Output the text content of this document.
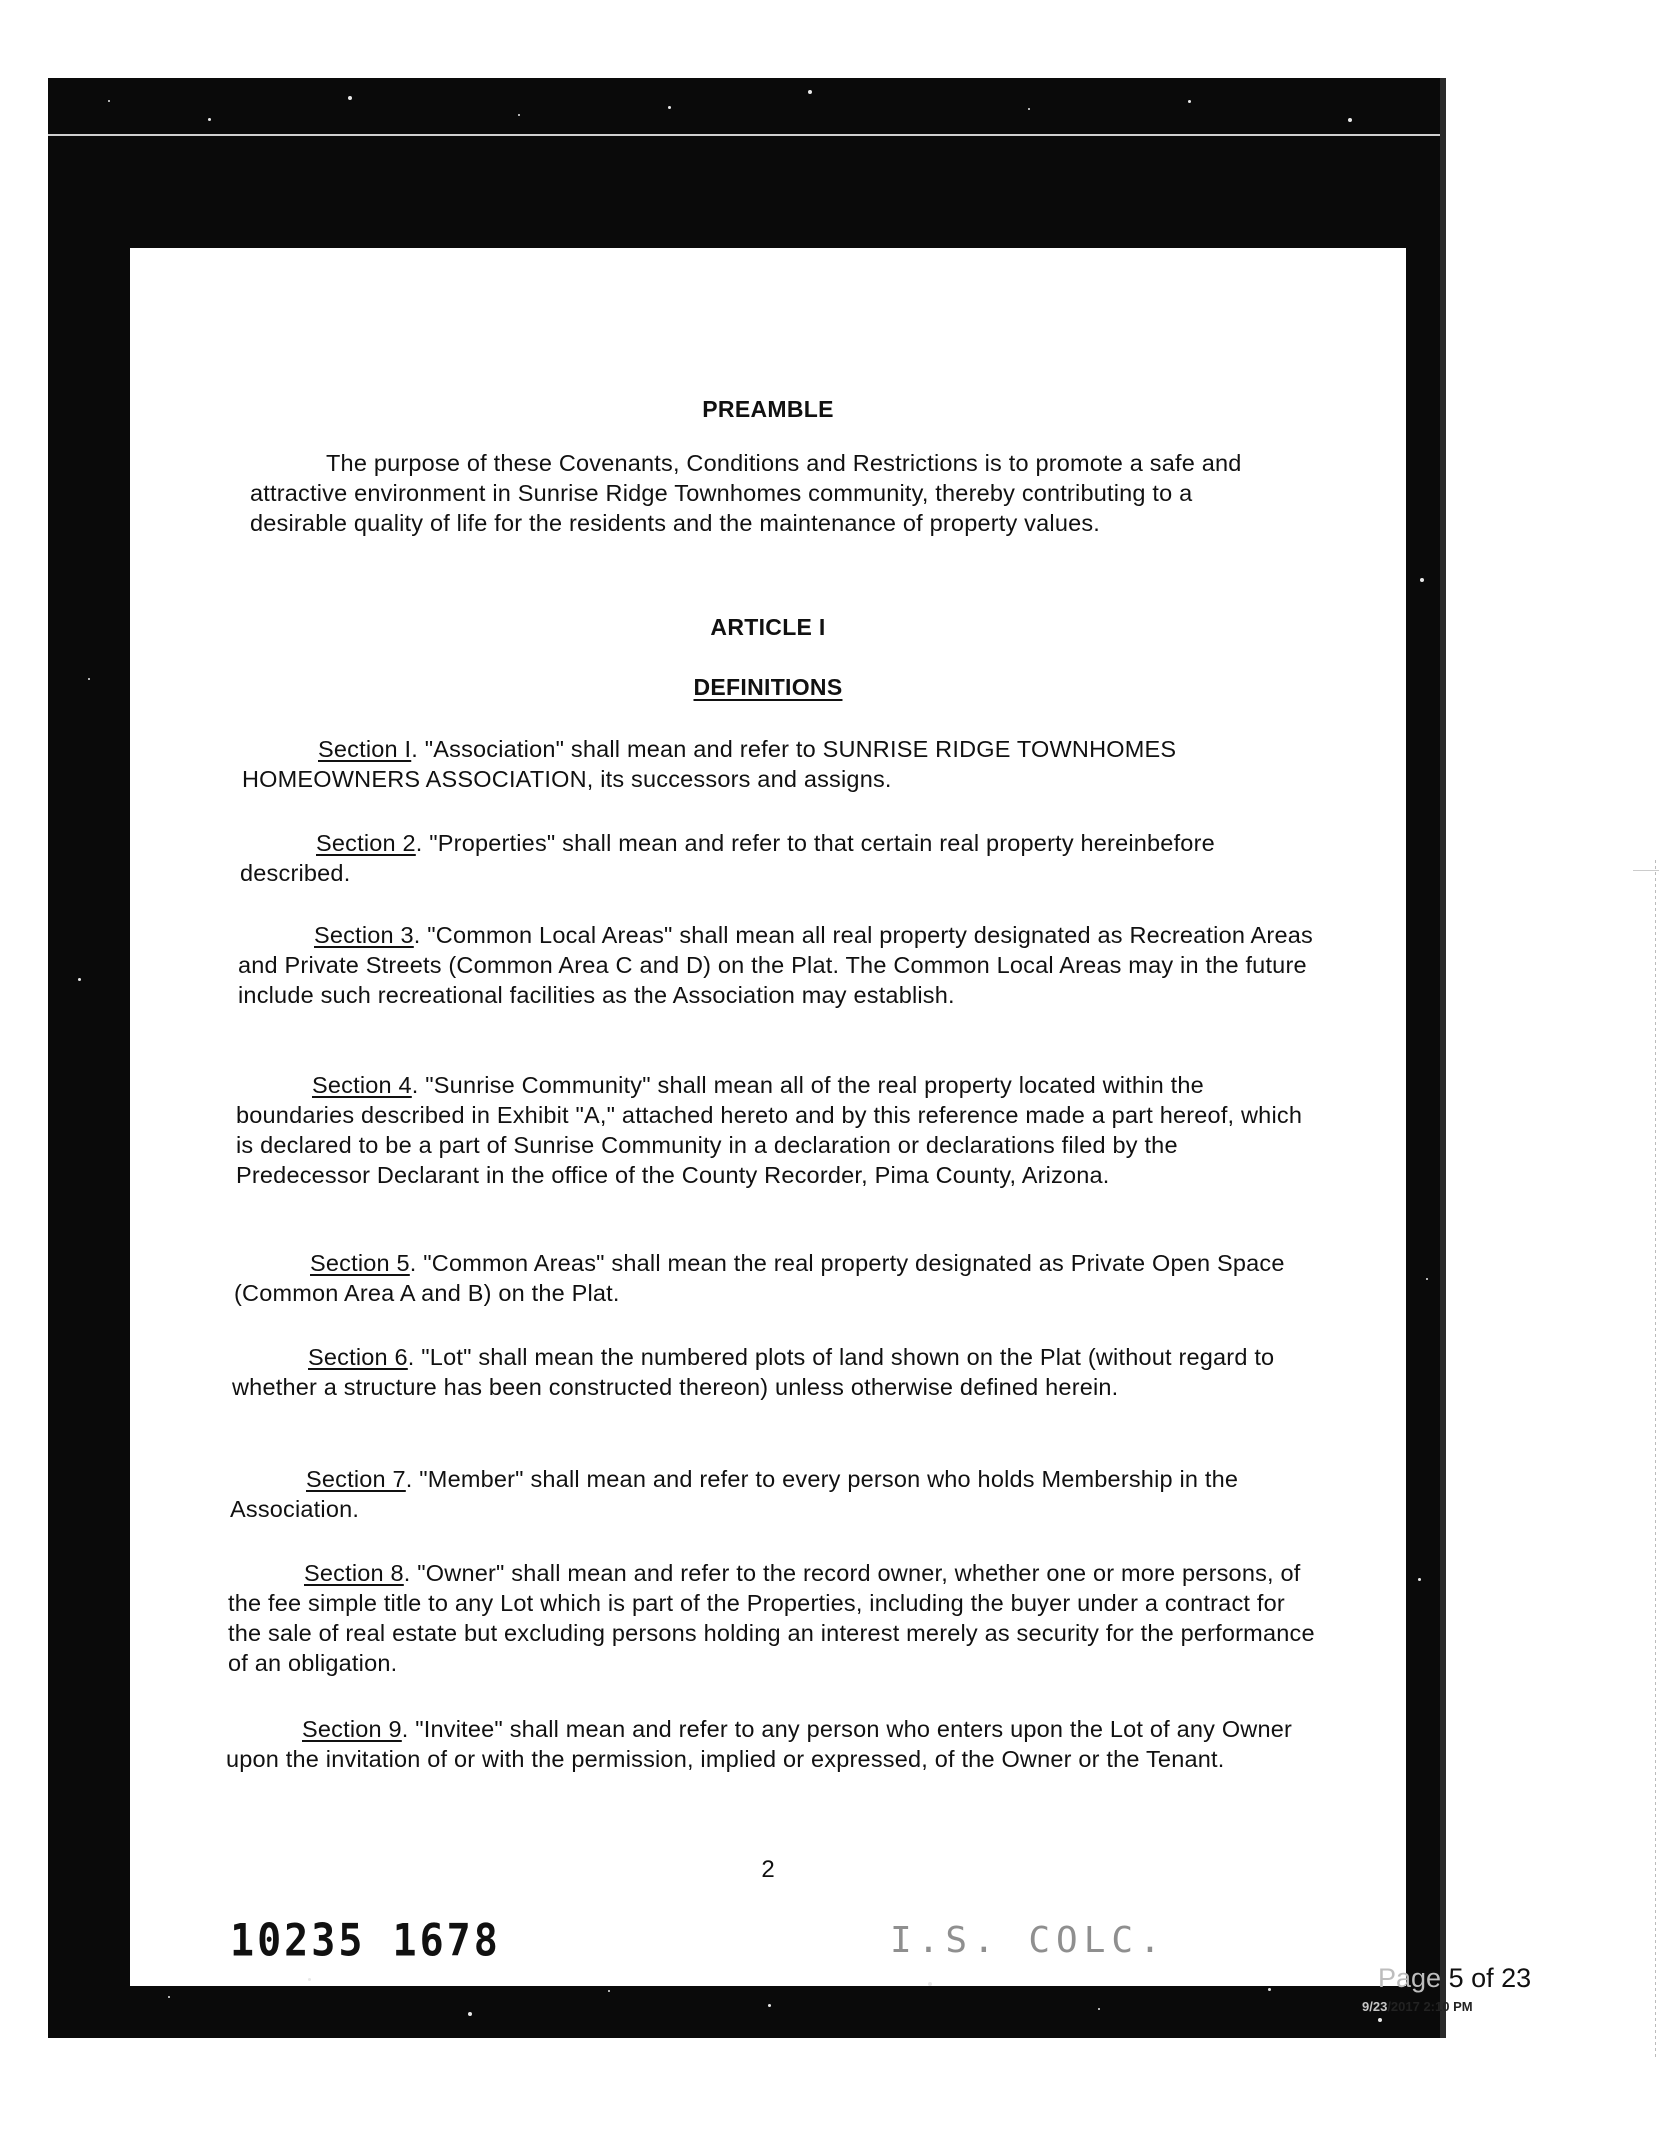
PREAMBLE
The purpose of these Covenants, Conditions and Restrictions is to promote a safe and attractive environment in Sunrise Ridge Townhomes community, thereby contributing to a desirable quality of life for the residents and the maintenance of property values.
ARTICLE I
DEFINITIONS
Section I. "Association" shall mean and refer to SUNRISE RIDGE TOWNHOMES HOMEOWNERS ASSOCIATION, its successors and assigns.
Section 2. "Properties" shall mean and refer to that certain real property hereinbefore described.
Section 3. "Common Local Areas" shall mean all real property designated as Recreation Areas and Private Streets (Common Area C and D) on the Plat. The Common Local Areas may in the future include such recreational facilities as the Association may establish.
Section 4. "Sunrise Community" shall mean all of the real property located within the boundaries described in Exhibit "A," attached hereto and by this reference made a part hereof, which is declared to be a part of Sunrise Community in a declaration or declarations filed by the Predecessor Declarant in the office of the County Recorder, Pima County, Arizona.
Section 5. "Common Areas" shall mean the real property designated as Private Open Space (Common Area A and B) on the Plat.
Section 6. "Lot" shall mean the numbered plots of land shown on the Plat (without regard to whether a structure has been constructed thereon) unless otherwise defined herein.
Section 7. "Member" shall mean and refer to every person who holds Membership in the Association.
Section 8. "Owner" shall mean and refer to the record owner, whether one or more persons, of the fee simple title to any Lot which is part of the Properties, including the buyer under a contract for the sale of real estate but excluding persons holding an interest merely as security for the performance of an obligation.
Section 9. "Invitee" shall mean and refer to any person who enters upon the Lot of any Owner upon the invitation of or with the permission, implied or expressed, of the Owner or the Tenant.
2
10235 1678	I.S. COLC.
Page 5 of 23
9/23/2017 2:10 PM
